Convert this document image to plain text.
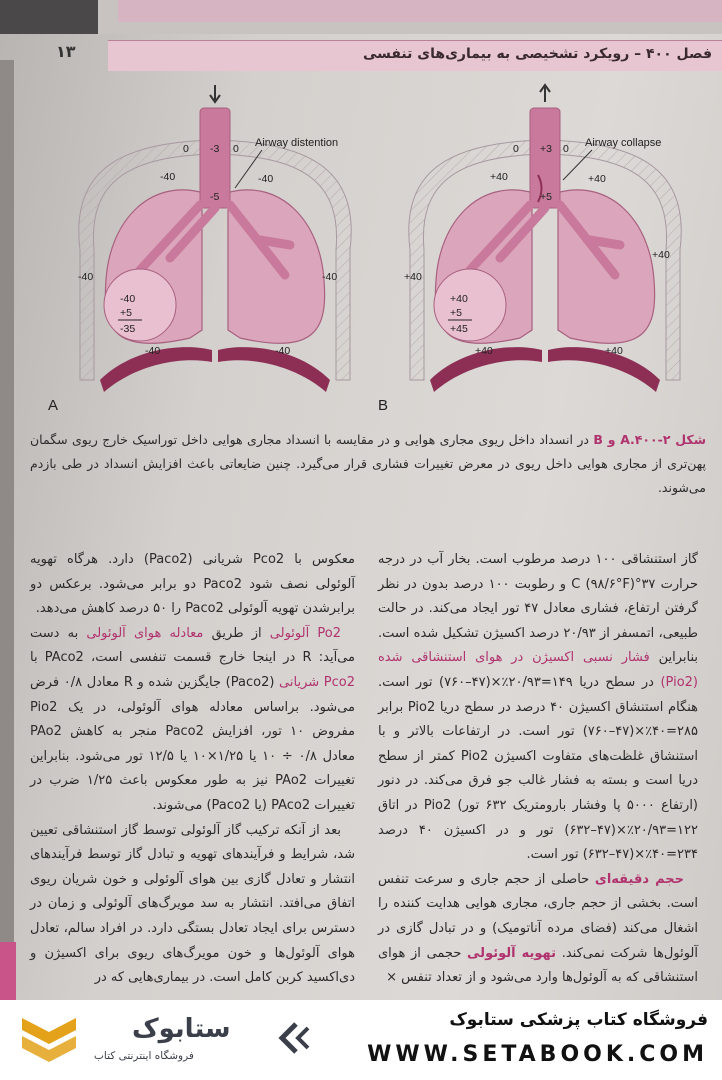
۱۳	فصل ۴۰۰ – رویکرد تشخیصی به بیماری‌های تنفسی
0 -3 0
-5
Airway distention
-40	-40
-40	-40
-40	-40
-40
+5
-35
A
0 +3 0
+5
Airway collapse
+40	+40
+40
+40
+40	+40
+40
+5
+45
B
شکل ۲-۴۰۰.A و B در انسداد داخل ریوی مجاری هوایی و در مقایسه با انسداد مجاری هوایی داخل توراسیک خارج ریوی سگمان پهن‌تری از مجاری هوایی داخل ریوی در معرض تغییرات فشاری قرار می‌گیرد. چنین ضایعاتی باعث افزایش انسداد در طی بازدم می‌شوند.

گاز استنشاقی ۱۰۰ درصد مرطوب است. بخار آب در درجه حرارت ۳۷°C (۹۸/۶°F) و رطوبت ۱۰۰ درصد بدون در نظر گرفتن ارتفاع، فشاری معادل ۴۷ تور ایجاد می‌کند. در حالت طبیعی، اتمسفر از ۲۰/۹۳ درصد اکسیژن تشکیل شده است. بنابراین فشار نسبی اکسیژن در هوای استنشاقی شده (Pio2) در سطح دریا ۱۴۹=۲۰/۹۳٪×(۴۷–۷۶۰) تور است. هنگام استنشاق اکسیژن ۴۰ درصد در سطح دریا Pio2 برابر ۲۸۵=۴۰٪×(۴۷–۷۶۰) تور است. در ارتفاعات بالاتر و با استنشاق غلظت‌های متفاوت اکسیژن Pio2 کمتر از سطح دریا است و بسته به فشار غالب جو فرق می‌کند. در دنور (ارتفاع ۵۰۰۰ پا وفشار بارومتریک ۶۳۲ تور) Pio2 در اتاق ۱۲۲=۲۰/۹۳٪×(۴۷–۶۳۲) تور و در اکسیژن ۴۰ درصد ۲۳۴=۴۰٪×(۴۷–۶۳۲) تور است.

حجم دقیقه‌ای حاصلی از حجم جاری و سرعت تنفس است. بخشی از حجم جاری، مجاری هوایی هدایت کننده را اشغال می‌کند (فضای مرده آناتومیک) و در تبادل گازی در آلوئول‌ها شرکت نمی‌کند. تهویه آلوئولی حجمی از هوای استنشاقی که به آلوئول‌ها وارد می‌شود و از تعداد تنفس ×

معکوس با Pco2 شریانی (Paco2) دارد. هرگاه تهویه آلوئولی نصف شود Paco2 دو برابر می‌شود. برعکس دو برابرشدن تهویه آلوئولی Paco2 را ۵۰ درصد کاهش می‌دهد.

Po2 آلوئولی از طریق معادله هوای آلوئولی به دست می‌آید: R در اینجا خارج قسمت تنفسی است، PAco2 با Pco2 شریانی (Paco2) جایگزین شده و R معادل ۰/۸ فرض می‌شود. براساس معادله هوای آلوئولی، در یک Pio2 مفروض ۱۰ تور، افزایش Paco2 منجر به کاهش PAo2 معادل ۰/۸ ÷ ۱۰ یا ۱/۲۵×۱۰ یا ۱۲/۵ تور می‌شود. بنابراین تغییرات PAo2 نیز به طور معکوس باعث ۱/۲۵ ضرب در تغییرات PAco2 (یا Paco2) می‌شوند.

بعد از آنکه ترکیب گاز آلوئولی توسط گاز استنشاقی تعیین شد، شرایط و فرآیندهای تهویه و تبادل گاز توسط فرآیندهای انتشار و تعادل گازی بین هوای آلوئولی و خون شریان ریوی اتفاق می‌افتد. انتشار به سد مویرگ‌های آلوئولی و زمان در دسترس برای ایجاد تعادل بستگی دارد. در افراد سالم، تعادل هوای آلوئول‌ها و خون مویرگ‌های ریوی برای اکسیژن و دی‌اکسید کربن کامل است. در بیماری‌هایی که در

ستابوک
فروشگاه اینترنتی کتاب
فروشگاه کتاب پزشکی ستابوک
WWW.SETABOOK.COM
